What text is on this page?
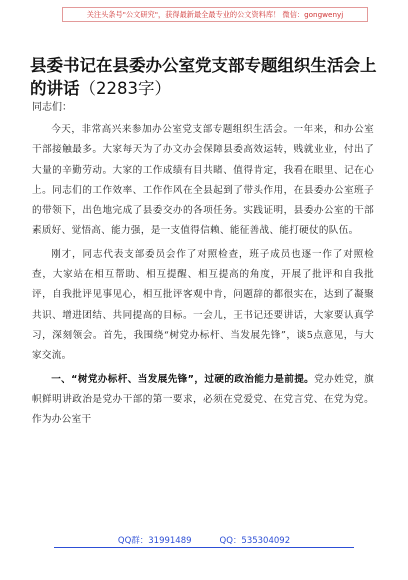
关注头条号"公文研究"，获得最新最全最专业的公文资料库！ 微信：gongwenyj
县委书记在县委办公室党支部专题组织生活会上的讲话（2283字）
同志们：

今天，非常高兴来参加办公室党支部专题组织生活会。一年来，和办公室干部接触最多。大家每天为了办文办会保障县委高效运转，贱就业业，付出了大量的辛勤劳动。大家的工作成绩有目共睹、值得肯定，我看在眼里、记在心上。同志们的工作效率、工作作风在全县起到了带头作用，在县委办公室班子的带领下，出色地完成了县委交办的各项任务。实践证明，县委办公室的干部素质好、觉悟高、能力强，是一支值得信赖、能征善战、能打硬仗的队伍。

刚才，同志代表支部委员会作了对照检查，班子成员也逐一作了对照检查，大家站在相互帮助、相互提醒、相互提高的角度，开展了批评和自我批评，自我批评见事见心，相互批评客观中肯，问题辞的都很实在，达到了凝聚共识、增进团结、共同提高的目标。一会儿，王书记还要讲话，大家要认真学习，深刻领会。首先，我围绕“树党办标杆、当发展先锋”，谈5点意见，与大家交流。

一、“树党办标杆、当发展先锋”，过硬的政治能力是前提。党办姓党，旗帜鲜明讲政治是党办干部的第一要求，必须在党爱党、在党言党、在党为党。作为办公室干

QQ群：31991489	QQ：535304092
